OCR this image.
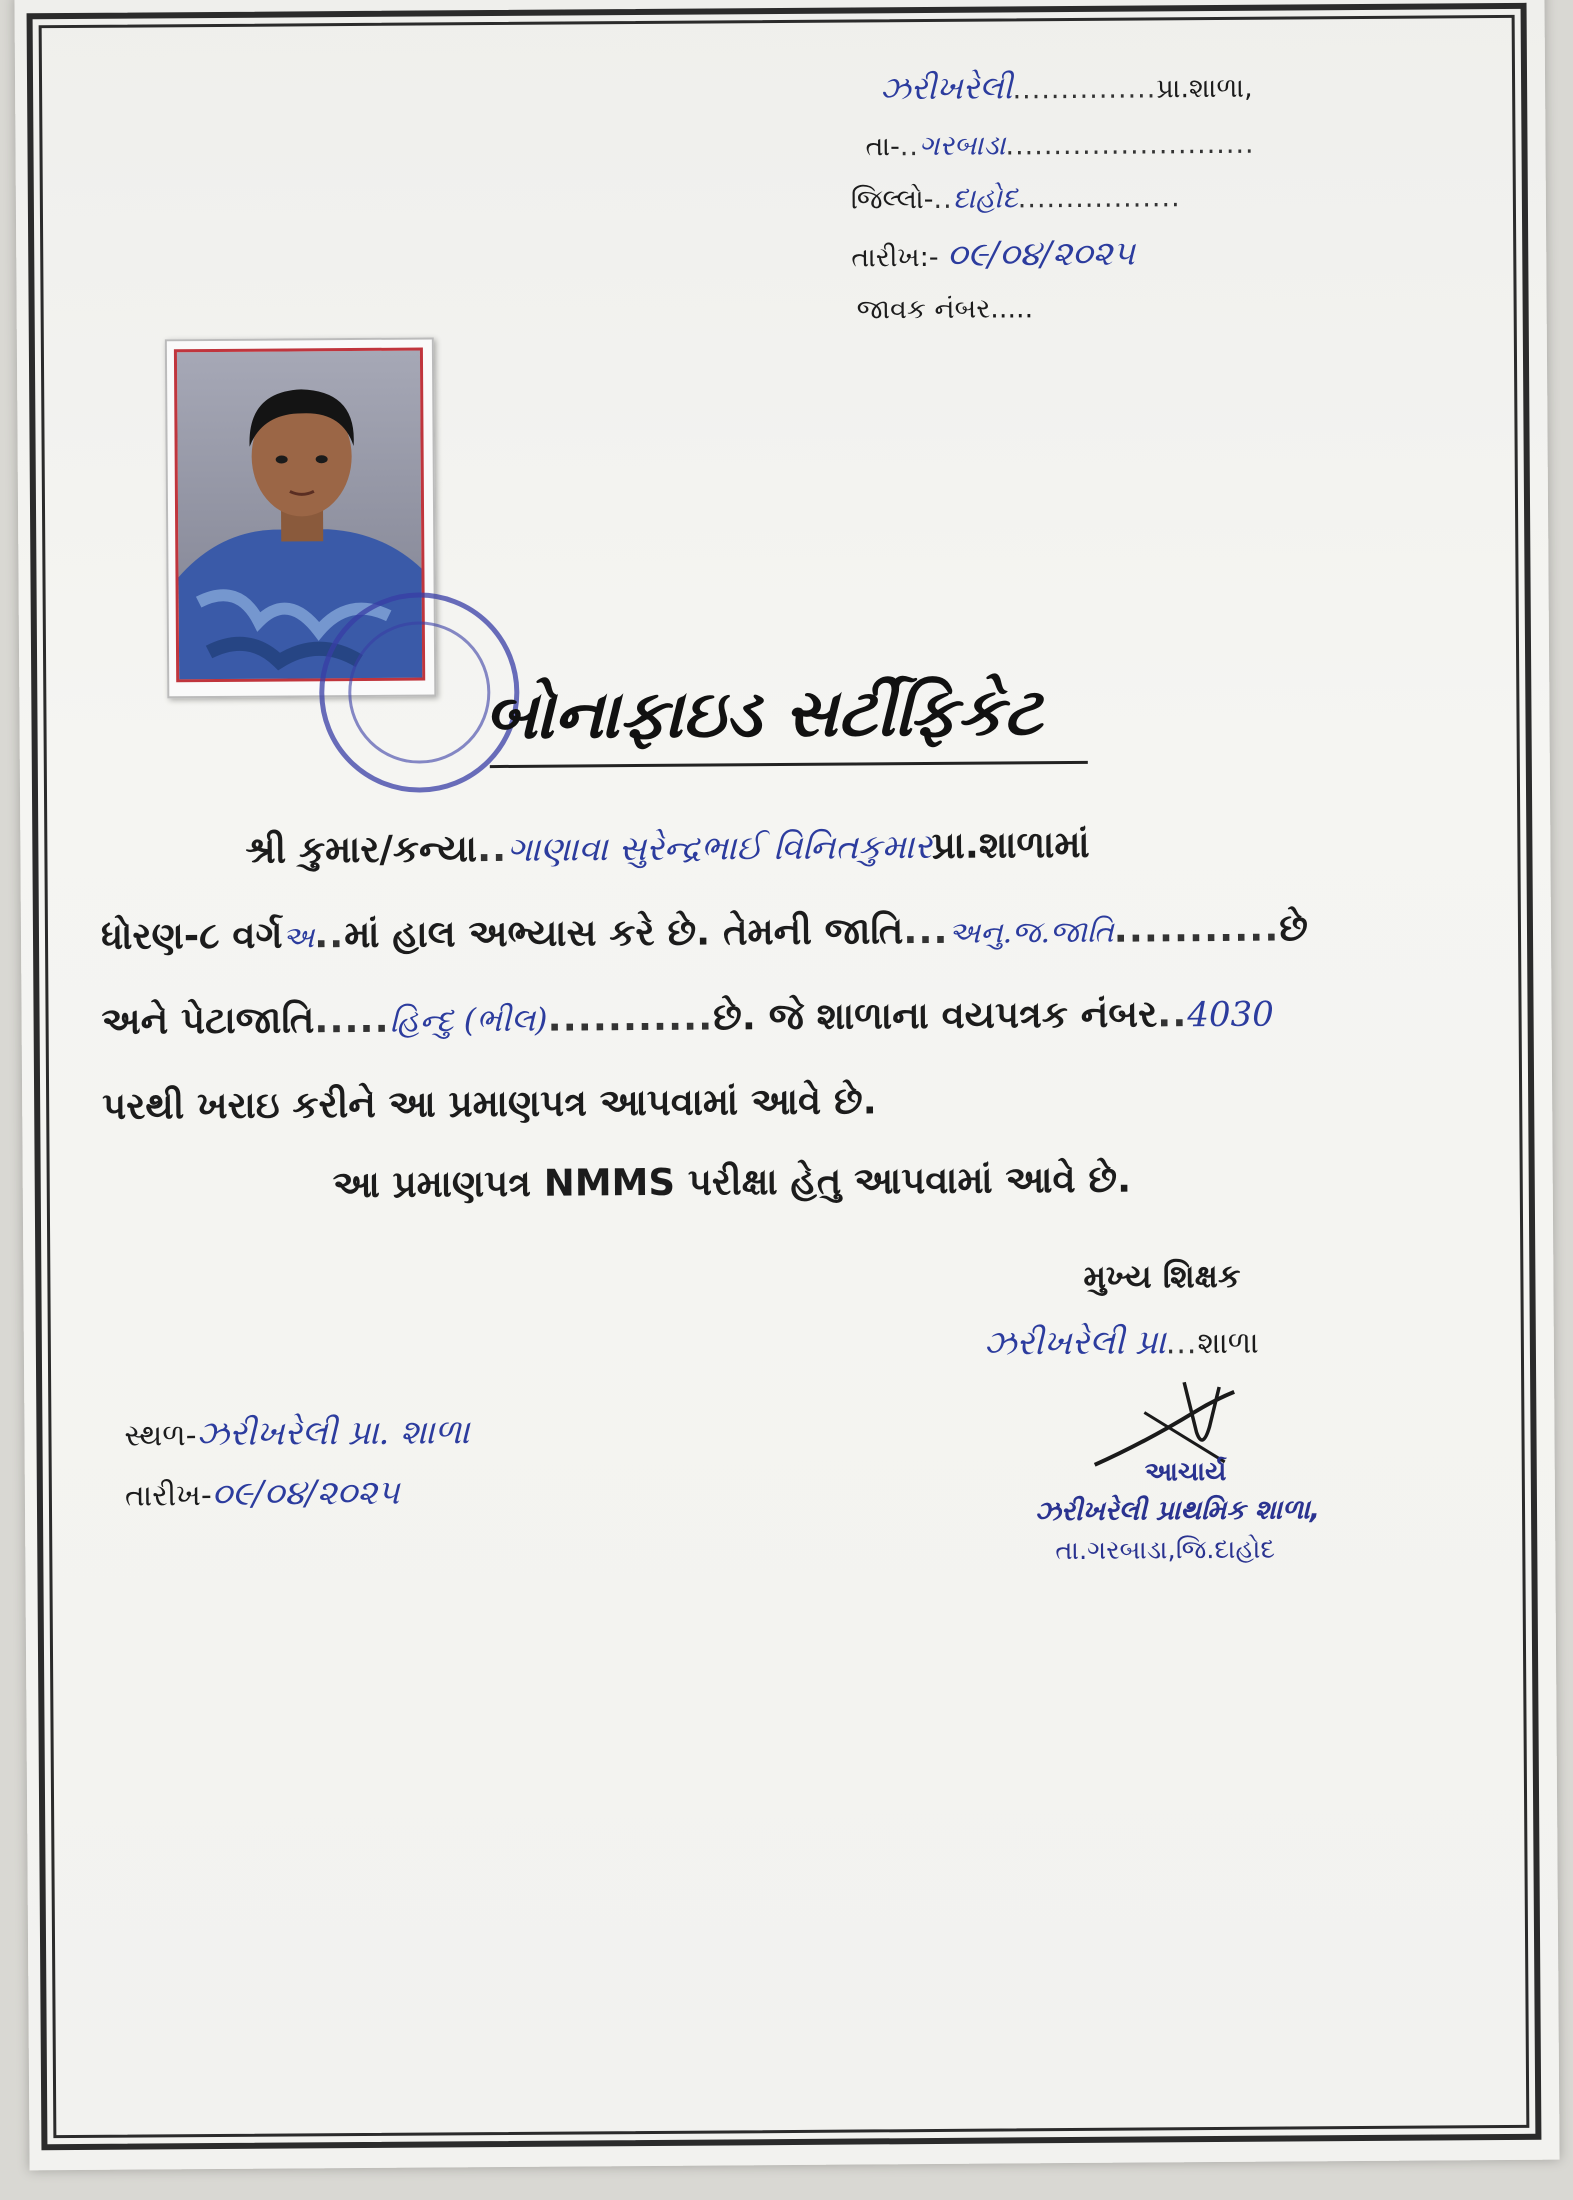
ઝરીખરેલી...............પ્રા.શાળા,
તા-..ગરબાડા..........................
જિલ્લો-..દાહોદ.................
તારીખ:- ૦૯/૦૪/૨૦૨૫
જાવક નંબર.....
બોનાફાઇડ સર્ટીફિકેટ
શ્રી કુમાર/કન્યા..ગાણાવા સુરેન્દ્રભાઈ વિનિતકુમારપ્રા.શાળામાં
ધોરણ-૮ વર્ગઅ..માં હાલ અભ્યાસ કરે છે. તેમની જાતિ...અનુ.જ.જાતિ...........છે
અને પેટાજાતિ.....હિન્દુ (ભીલ)...........છે. જે શાળાના વયપત્રક નંબર..4030
પરથી ખરાઇ કરીને આ પ્રમાણપત્ર આપવામાં આવે છે.
આ પ્રમાણપત્ર NMMS પરીક્ષા હેતુ આપવામાં આવે છે.
મુખ્ય શિક્ષક
ઝરીખરેલી પ્રા...શાળા
આચાર્ય
ઝરીખરેલી પ્રાથમિક શાળા,
તા.ગરબાડા,જિ.દાહોદ
સ્થળ-ઝરીખરેલી પ્રા. શાળા
તારીખ-૦૯/૦૪/૨૦૨૫
